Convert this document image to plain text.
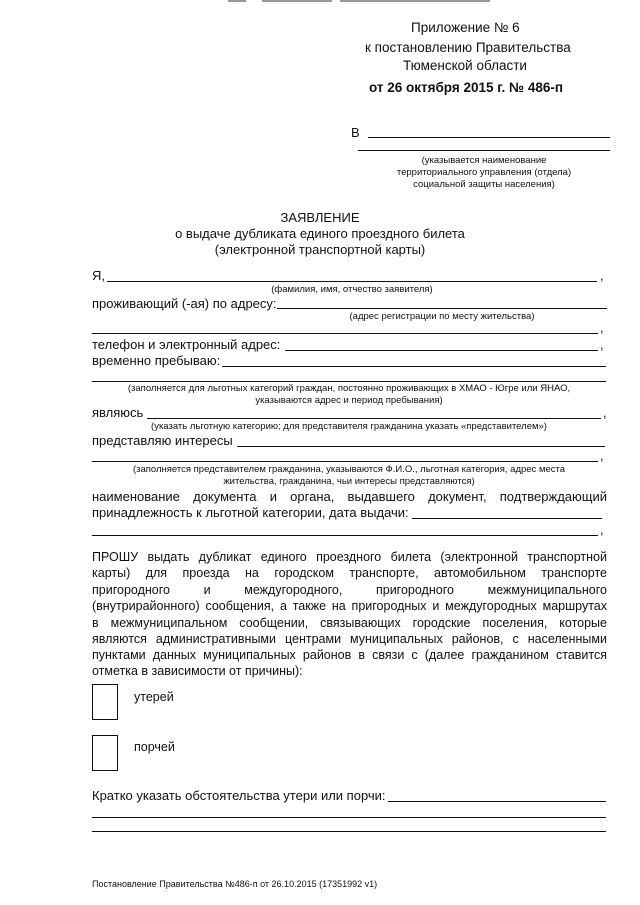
Приложение № 6
к постановлению Правительства
Тюменской области
от 26 октября 2015 г. № 486-п
В
(указывается наименование
территориального управления (отдела)
социальной защиты населения)
ЗАЯВЛЕНИЕ
о выдаче дубликата единого проездного билета
(электронной транспортной карты)
Я,	,
(фамилия, имя, отчество заявителя)
проживающий (-ая) по адресу:
(адрес регистрации по месту жительства)
,
телефон и электронный адрес:	,
временно пребываю:
(заполняется для льготных категорий граждан, постоянно проживающих в ХМАО - Югре или ЯНАО,
указываются адрес и период пребывания)
являюсь	,
(указать льготную категорию; для представителя гражданина указать «представителем»)
представляю интересы
,
(заполняется представителем гражданина, указываются Ф.И.О., льготная категория, адрес места
жительства, гражданина, чьи интересы представляются)
наименование документа и органа, выдавшего документ, подтверждающий
принадлежность к льготной категории, дата выдачи:
,
ПРОШУ выдать дубликат единого проездного билета (электронной транспортной
карты) для проезда на городском транспорте, автомобильном транспорте
пригородного и междугородного, пригородного межмуниципального
(внутрирайонного) сообщения, а также на пригородных и междугородных маршрутах
в межмуниципальном сообщении, связывающих городские поселения, которые
являются административными центрами муниципальных районов, с населенными
пунктами данных муниципальных районов в связи с (далее гражданином ставится
отметка в зависимости от причины):
утерей
порчей
Кратко указать обстоятельства утери или порчи:
Постановление Правительства №486-п от 26.10.2015 (17351992 v1)
